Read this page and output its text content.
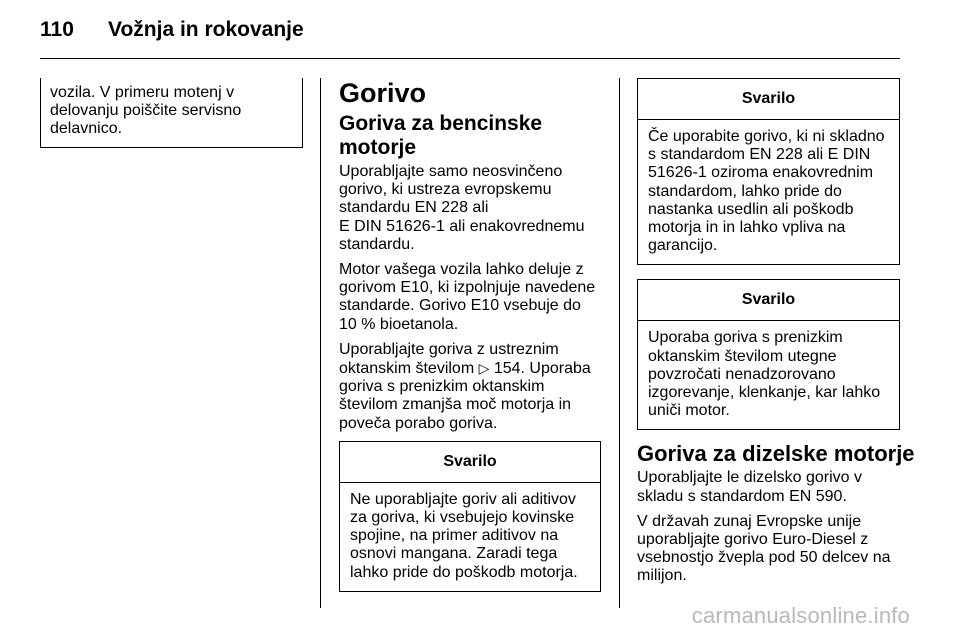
110 Vožnja in rokovanje
vozila. V primeru motenj v
delovanju poiščite servisno
delavnico.
Gorivo
Goriva za bencinske
motorje

Uporabljajte samo neosvinčeno
gorivo, ki ustreza evropskemu
standardu EN 228 ali
E DIN 51626-1 ali enakovrednemu
standardu.

Motor vašega vozila lahko deluje z
gorivom E10, ki izpolnjuje navedene
standarde. Gorivo E10 vsebuje do
10 % bioetanola.

Uporabljajte goriva z ustreznim
oktanskim številom ▷ 154. Uporaba
goriva s prenizkim oktanskim
številom zmanjša moč motorja in
poveča porabo goriva.

Svarilo
Ne uporabljajte goriv ali aditivov
za goriva, ki vsebujejo kovinske
spojine, na primer aditivov na
osnovi mangana. Zaradi tega
lahko pride do poškodb motorja.
Svarilo
Če uporabite gorivo, ki ni skladno
s standardom EN 228 ali E DIN
51626-1 oziroma enakovrednim
standardom, lahko pride do
nastanka usedlin ali poškodb
motorja in in lahko vpliva na
garancijo.
Svarilo
Uporaba goriva s prenizkim
oktanskim številom utegne
povzročati nenadzorovano
izgorevanje, klenkanje, kar lahko
uniči motor.
Goriva za dizelske motorje

Uporabljajte le dizelsko gorivo v
skladu s standardom EN 590.

V državah zunaj Evropske unije
uporabljajte gorivo Euro-Diesel z
vsebnostjo žvepla pod 50 delcev na
milijon.

carmanualsonline.info
